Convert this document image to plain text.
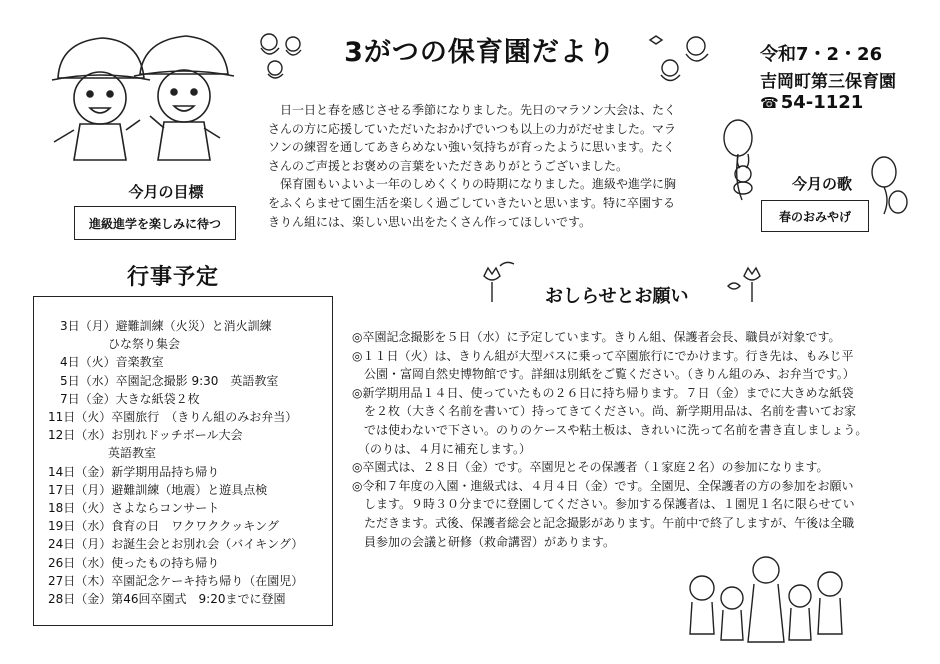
3がつの保育園だより	令和7・2・26
吉岡町第三保育園
☎ 54-1121
　日一日と春を感じさせる季節になりました。先日のマラソン大会は、たく
さんの方に応援していただいたおかげでいつも以上の力がだせました。マラ
ソンの練習を通してあきらめない強い気持ちが育ったように思います。たく
さんのご声援とお褒めの言葉をいただきありがとうございました。
　保育園もいよいよ一年のしめくくりの時期になりました。進級や進学に胸
をふくらませて園生活を楽しく過ごしていきたいと思います。特に卒園する
きりん組には、楽しい思い出をたくさん作ってほしいです。
今月の目標
進級進学を楽しみに待つ
今月の歌
春のおみやげ
行事予定
　3日（月）避難訓練（火災）と消火訓練
　　　　　ひな祭り集会
　4日（火）音楽教室
　5日（水）卒園記念撮影 9:30　英語教室
　7日（金）大きな紙袋２枚
11日（火）卒園旅行　（きりん組のみお弁当）
12日（水）お別れドッチボール大会
　　　　　英語教室
14日（金）新学期用品持ち帰り
17日（月）避難訓練（地震）と遊具点検
18日（火）さよならコンサート
19日（水）食育の日　ワクワククッキング
24日（月）お誕生会とお別れ会（バイキング）
26日（水）使ったもの持ち帰り
27日（木）卒園記念ケーキ持ち帰り（在園児）
28日（金）第46回卒園式　9:20までに登園
おしらせとお願い
◎卒園記念撮影を５日（水）に予定しています。きりん組、保護者会長、職員が対象です。
◎１１日（火）は、きりん組が大型バスに乗って卒園旅行にでかけます。行き先は、もみじ平
　公園・富岡自然史博物館です。詳細は別紙をご覧ください。（きりん組のみ、お弁当です。）
◎新学期用品１４日、使っていたもの２６日に持ち帰ります。７日（金）までに大きめな紙袋
　を２枚（大きく名前を書いて）持ってきてください。尚、新学期用品は、名前を書いてお家
　では使わないで下さい。のりのケースや粘土板は、きれいに洗って名前を書き直しましょう。
　（のりは、４月に補充します。）
◎卒園式は、２８日（金）です。卒園児とその保護者（１家庭２名）の参加になります。
◎令和７年度の入園・進級式は、４月４日（金）です。全園児、全保護者の方の参加をお願い
　します。９時３０分までに登園してください。参加する保護者は、１園児１名に限らせてい
　ただきます。式後、保護者総会と記念撮影があります。午前中で終了しますが、午後は全職
　員参加の会議と研修（救命講習）があります。
